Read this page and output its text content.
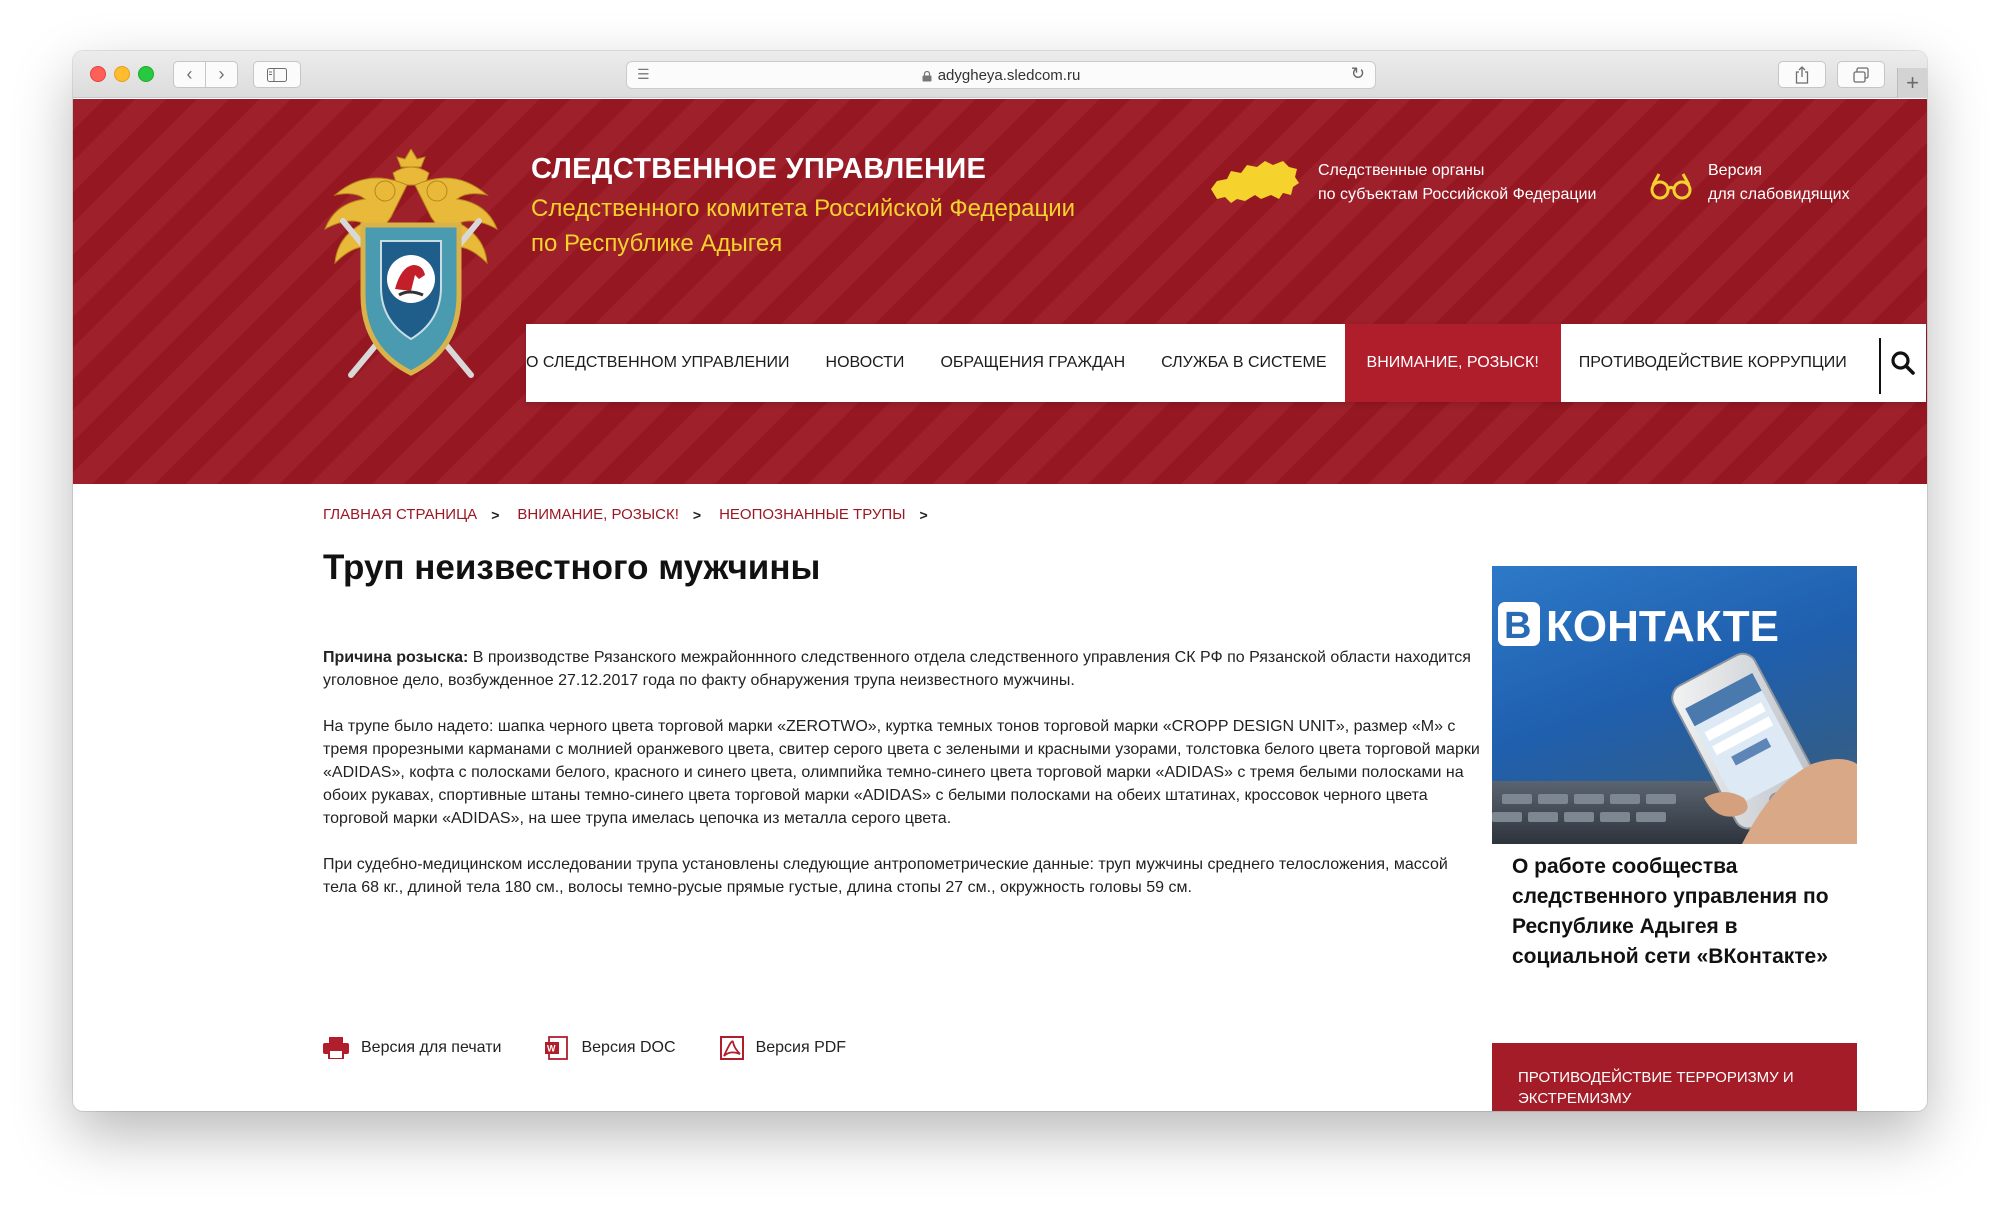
‹ ›	☰	adygheya.sledcom.ru	↻	+
СЛЕДСТВЕННОЕ УПРАВЛЕНИЕ
Следственного комитета Российской Федерации
по Республике Адыгея
Следственные органы
по субъектам Российской Федерации
Версия
для слабовидящих
О СЛЕДСТВЕННОМ УПРАВЛЕНИИ	НОВОСТИ	ОБРАЩЕНИЯ ГРАЖДАН	СЛУЖБА В СИСТЕМЕ	ВНИМАНИЕ, РОЗЫСК!	ПРОТИВОДЕЙСТВИЕ КОРРУПЦИИ
ГЛАВНАЯ СТРАНИЦА > ВНИМАНИЕ, РОЗЫСК! > НЕОПОЗНАННЫЕ ТРУПЫ >
Труп неизвестного мужчины

Причина розыска: В производстве Рязанского межрайоннного следственного отдела следственного управления СК РФ по Рязанской области находится уголовное дело, возбужденное 27.12.2017 года по факту обнаружения трупа неизвестного мужчины.

На трупе было надето: шапка черного цвета торговой марки «ZEROTWO», куртка темных тонов торговой марки «CROPP DESIGN UNIT», размер «М» с тремя прорезными карманами с молнией оранжевого цвета, свитер серого цвета с зелеными и красными узорами, толстовка белого цвета торговой марки «ADIDAS», кофта с полосками белого, красного и синего цвета, олимпийка темно-синего цвета торговой марки «ADIDAS» с тремя белыми полосками на обоих рукавах, спортивные штаны темно-синего цвета торговой марки «ADIDAS» с белыми полосками на обеих штатинах, кроссовок черного цвета торговой марки «ADIDAS», на шее трупа имелась цепочка из металла серого цвета.

При судебно-медицинском исследовании трупа установлены следующие антропометрические данные: труп мужчины среднего телосложения, массой тела 68 кг., длиной тела 180 см., волосы темно-русые прямые густые, длина стопы 27 см., окружность головы 59 см.

Версия для печати	W Версия DOC	Версия PDF
B КОНТАКТЕ
О работе сообщества следственного управления по Республике Адыгея в социальной сети «ВКонтакте»
ПРОТИВОДЕЙСТВИЕ ТЕРРОРИЗМУ И ЭКСТРЕМИЗМУ
